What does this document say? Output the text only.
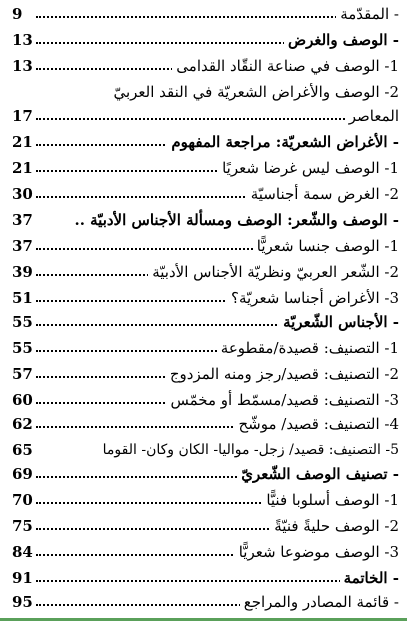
- المقدّمة
9
- الوصف والغرض
13
1- الوصف في صناعة النقّاد القدامى
13
2- الوصف والأغراض الشعريّة في النقد العربيّ
المعاصر
17
- الأغراض الشعريّة: مراجعة المفهوم
21
1- الوصف ليس غرضا شعريًا
21
2- الغرض سمة أجناسيّة
30
- الوصف والشّعر: الوصف ومسألة الأجناس الأدبيّة ..
37
1- الوصف جنسا شعريًّا
37
2- الشّعر العربيّ ونظريّة الأجناس الأدبيّة
39
3- الأغراض أجناسا شعريّة؟
51
- الأجناس الشّعريّة
55
1- التصنيف: قصيدة/مقطوعة
55
2- التصنيف: قصيد/رجز ومنه المزدوج
57
3- التصنيف: قصيد/مسمّط أو مخمّس
60
4- التصنيف: قصيد/ موشّح
62
5- التصنيف: قصيد/ زجل- مواليا- الكان وكان- القوما
65
- تصنيف الوصف الشّعريّ
69
1- الوصف أسلوبا فنيًّا
70
2- الوصف حليةً فنيّةً
75
3- الوصف موضوعا شعريًّا
84
- الخاتمة
91
- قائمة المصادر والمراجع
95
